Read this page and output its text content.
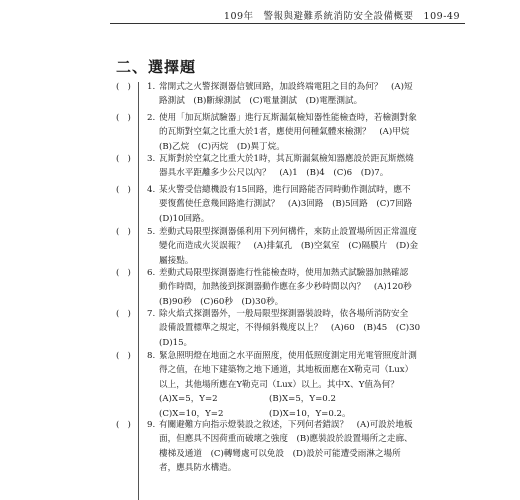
109年　警報與避難系統消防安全設備概要　109-49
二、選擇題
(   )	1. 常開式之火警探測器信號回路，加設終端電阻之目的為何？　(A)短
路測試　(B)斷線測試　(C)電量測試　(D)電壓測試。
(   )	2. 使用「加瓦斯試驗器」進行瓦斯漏氣檢知器性能檢查時，若檢測對象
的瓦斯對空氣之比重大於1者，應使用何種氣體來檢測？　(A)甲烷
(B)乙烷　(C)丙烷　(D)異丁烷。
(   )	3. 瓦斯對於空氣之比重大於1時，其瓦斯漏氣檢知器應設於距瓦斯燃燒
器具水平距離多少公尺以內？　(A)1　(B)4　(C)6　(D)7。
(   )	4. 某火警受信總機設有15回路，進行回路能否同時動作測試時，應不
要復舊使任意幾回路進行測試？　(A)3回路　(B)5回路　(C)7回路
(D)10回路。
(   )	5. 差動式局限型探測器係利用下列何構件，來防止設置場所因正常溫度
變化而造成火災誤報？　(A)排氣孔　(B)空氣室　(C)隔膜片　(D)金
屬接點。
(   )	6. 差動式局限型探測器進行性能檢查時，使用加熱式試驗器加熱確認
動作時間，加熱後到探測器動作應在多少秒時間以內？　(A)120秒
(B)90秒　(C)60秒　(D)30秒。
(   )	7. 除火焰式探測器外，一般局限型探測器裝設時，依各場所消防安全
設備設置標準之規定，不得傾斜幾度以上？　(A)60　(B)45　(C)30
(D)15。
(   )	8. 緊急照明燈在地面之水平面照度，使用低照度測定用光電管照度計測
得之值，在地下建築物之地下通道，其地板面應在X勒克司（Lux）
以上，其他場所應在Y勒克司（Lux）以上。其中X、Y值為何？
(A)X=5，Y=2	(B)X=5，Y=0.2
(C)X=10，Y=2	(D)X=10，Y=0.2。
(   )	9. 有關避難方向指示燈裝設之敘述，下列何者錯誤？　(A)可設於地板
面，但應具不因荷重而破壞之強度　(B)應裝設於設置場所之走廊、
樓梯及通道　(C)轉彎處可以免設　(D)設於可能遭受雨淋之場所
者，應具防水構造。
